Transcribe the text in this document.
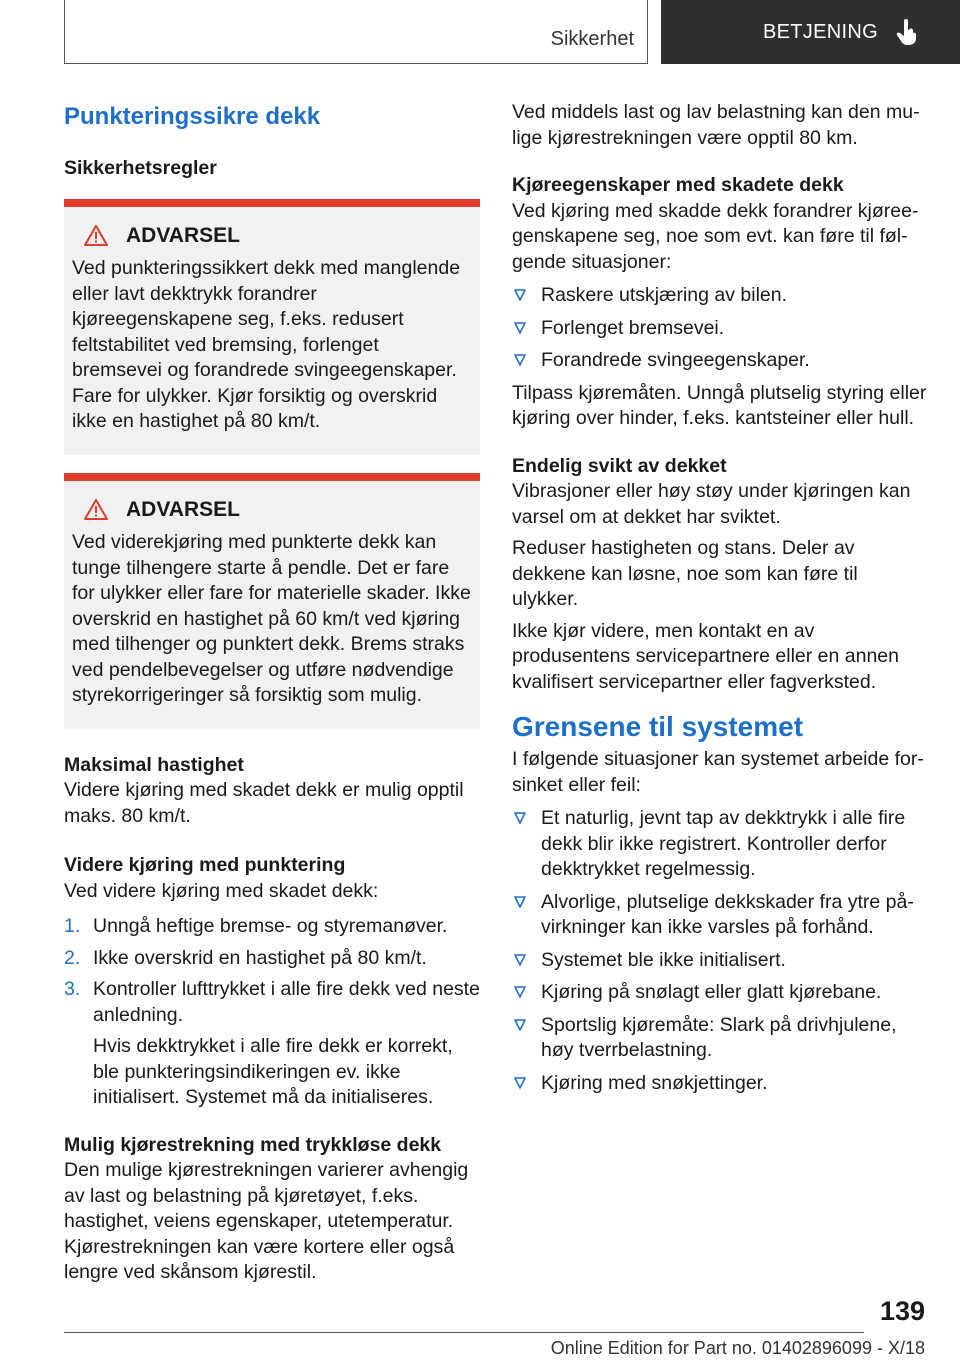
Sikkerhet	BETJENING
Punkteringssikre dekk
Sikkerhetsregler
ADVARSEL

Ved punkteringssikkert dekk med manglende eller lavt dekktrykk forandrer kjøreegenskapene seg, f.eks. redusert feltstabilitet ved bremsing, forlenget bremsevei og forandrede svingeegenskaper. Fare for ulykker. Kjør forsiktig og overskrid ikke en hastighet på 80 km/t.

ADVARSEL

Ved viderekjøring med punkterte dekk kan tunge tilhengere starte å pendle. Det er fare for ulykker eller fare for materielle skader. Ikke overskrid en hastighet på 60 km/t ved kjøring med tilhenger og punktert dekk. Brems straks ved pendelbevegelser og utføre nødvendige styrekorrigeringer så forsiktig som mulig.

Maksimal hastighet

Videre kjøring med skadet dekk er mulig opptil maks. 80 km/t.

Videre kjøring med punktering

Ved videre kjøring med skadet dekk:

1. Unngå heftige bremse- og styremanøver.
2. Ikke overskrid en hastighet på 80 km/t.
3. Kontroller lufttrykket i alle fire dekk ved neste anledning.

Hvis dekktrykket i alle fire dekk er korrekt, ble punkteringsindikeringen ev. ikke initialisert. Systemet må da initialiseres.

Mulig kjørestrekning med trykkløse dekk

Den mulige kjørestrekningen varierer avhengig av last og belastning på kjøretøyet, f.eks. hastighet, veiens egenskaper, utetemperatur. Kjørestrekningen kan være kortere eller også lengre ved skånsom kjørestil.

Ved middels last og lav belastning kan den mulige kjørestrekningen være opptil 80 km.

Kjøreegenskaper med skadete dekk

Ved kjøring med skadde dekk forandrer kjøreegenskapene seg, noe som evt. kan føre til følgende situasjoner:

Raskere utskjæring av bilen.
Forlenget bremsevei.
Forandrede svingeegenskaper.

Tilpass kjøremåten. Unngå plutselig styring eller kjøring over hinder, f.eks. kantsteiner eller hull.

Endelig svikt av dekket

Vibrasjoner eller høy støy under kjøringen kan varsel om at dekket har sviktet.

Reduser hastigheten og stans. Deler av dekkene kan løsne, noe som kan føre til ulykker.

Ikke kjør videre, men kontakt en av produsentens servicepartnere eller en annen kvalifisert servicepartner eller fagverksted.

Grensene til systemet

I følgende situasjoner kan systemet arbeide forsinket eller feil:

Et naturlig, jevnt tap av dekktrykk i alle fire dekk blir ikke registrert. Kontroller derfor dekktrykket regelmessig.
Alvorlige, plutselige dekkskader fra ytre påvirkninger kan ikke varsles på forhånd.
Systemet ble ikke initialisert.
Kjøring på snølagt eller glatt kjørebane.
Sportslig kjøremåte: Slark på drivhjulene, høy tverrbelastning.
Kjøring med snøkjettinger.
139
Online Edition for Part no. 01402896099 - X/18
